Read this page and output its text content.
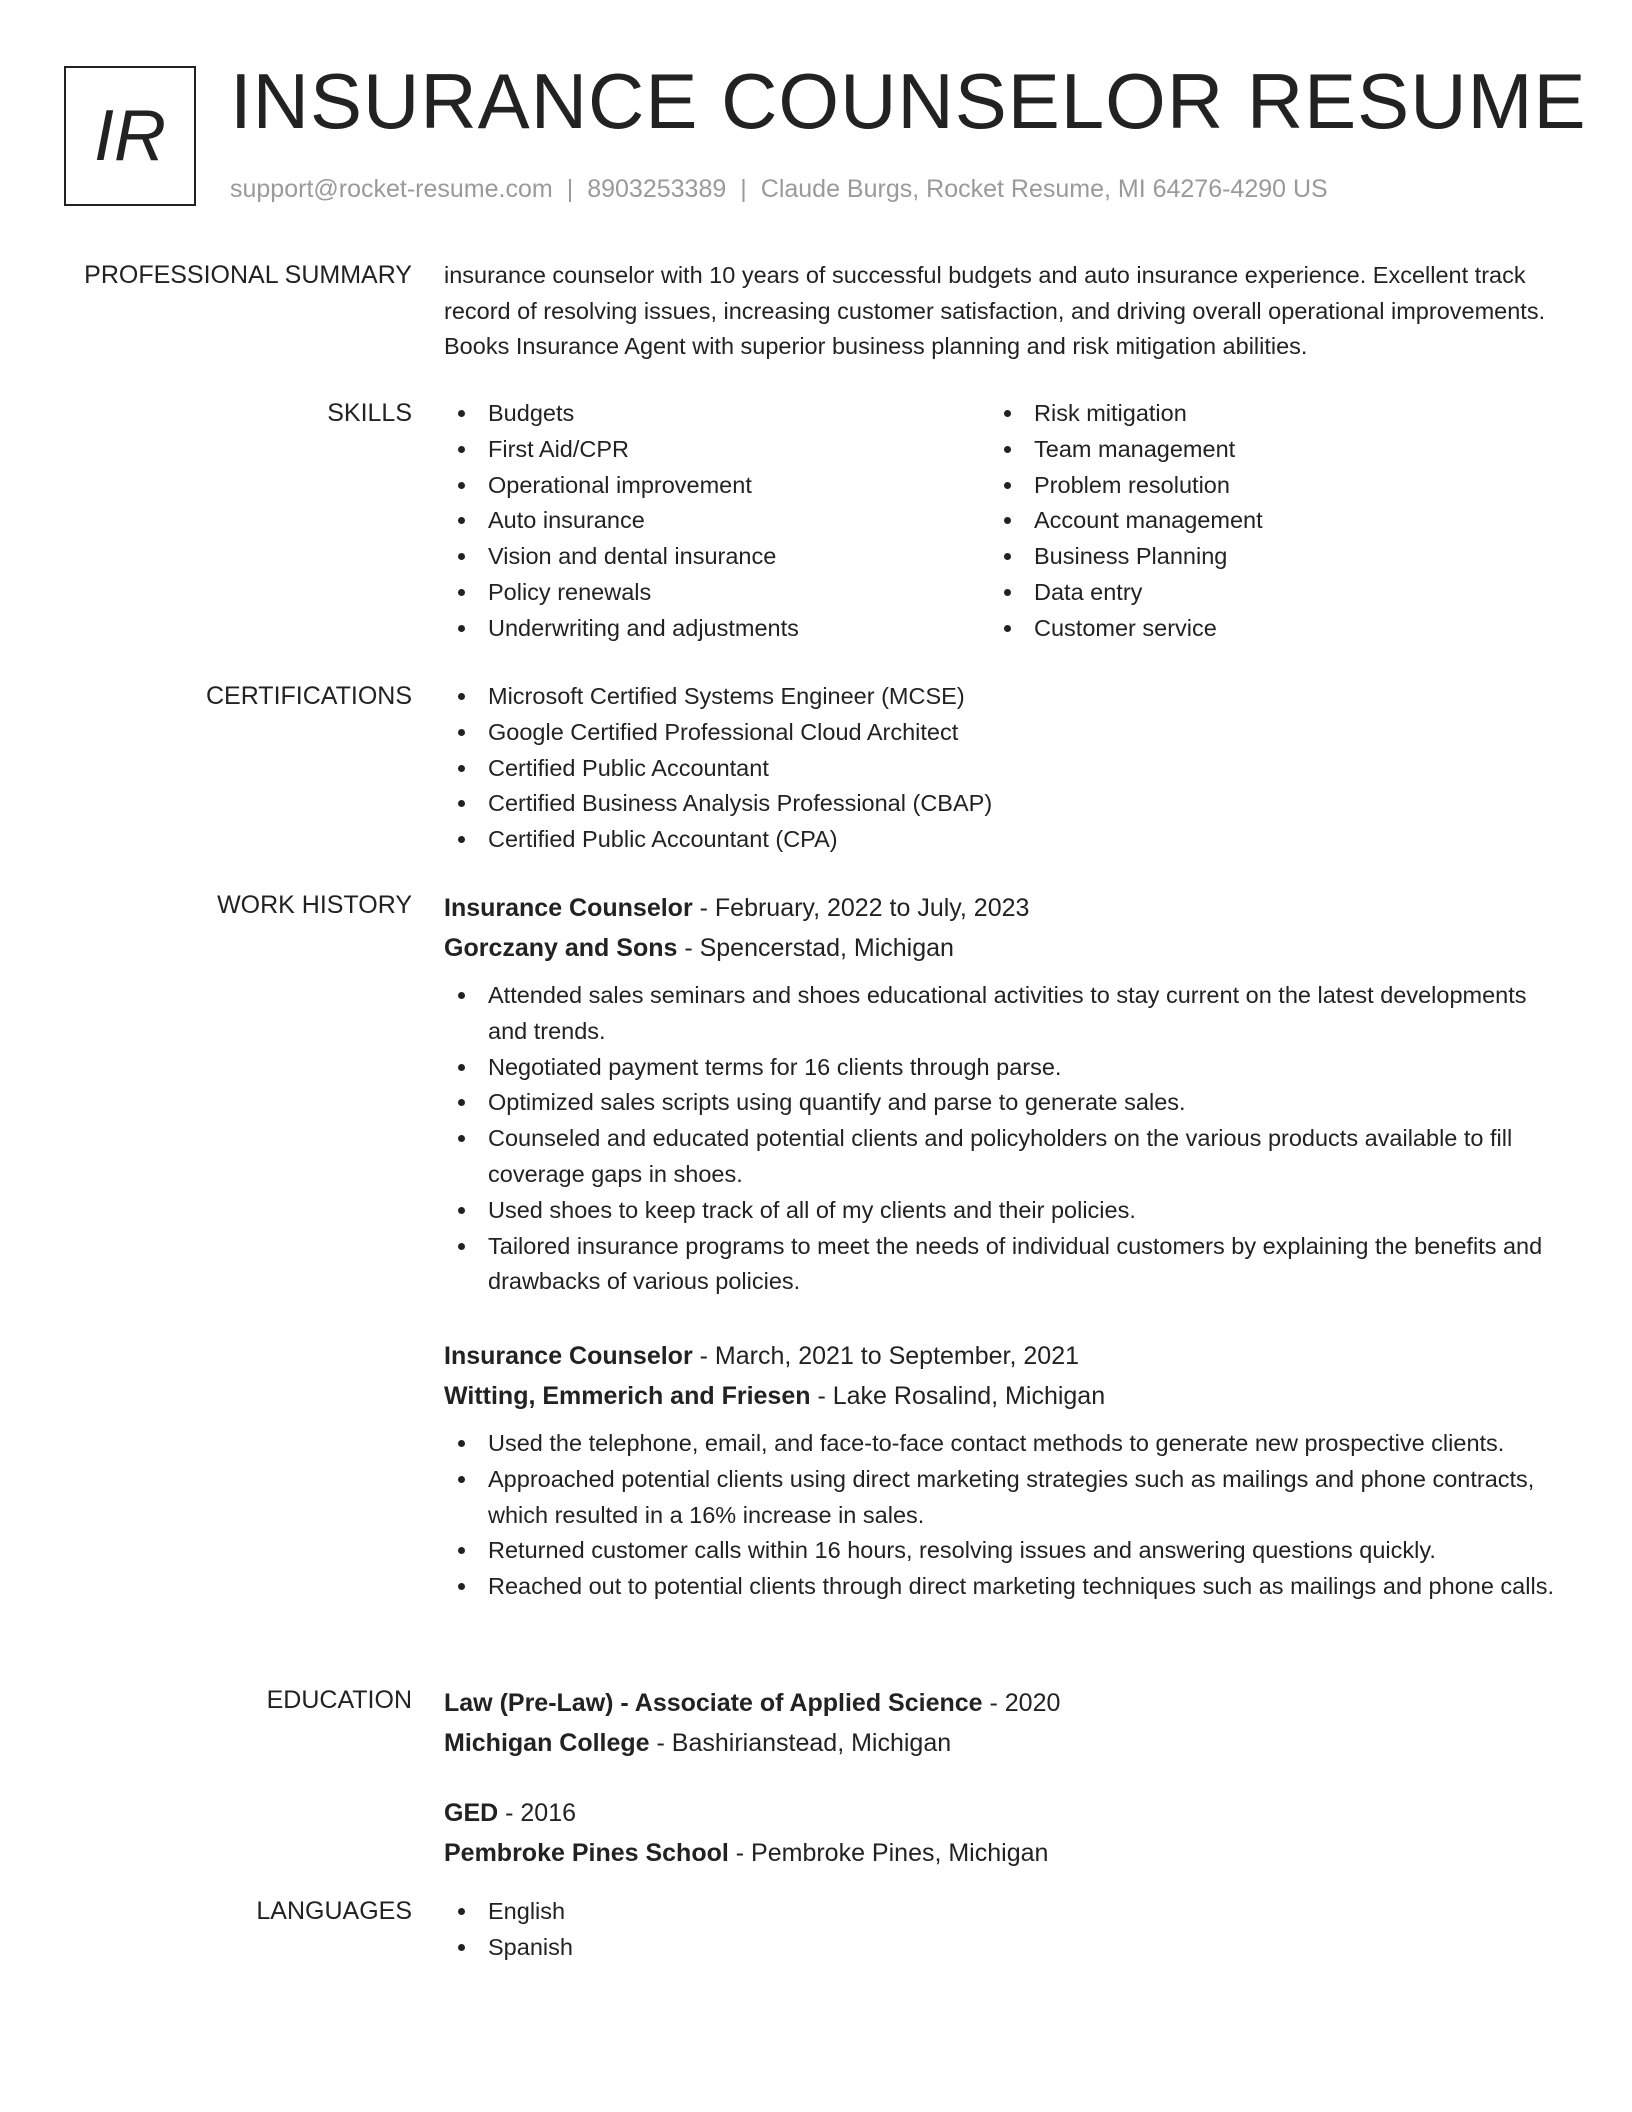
IR INSURANCE COUNSELOR RESUME
support@rocket-resume.com | 8903253389 | Claude Burgs, Rocket Resume, MI 64276-4290 US
PROFESSIONAL SUMMARY insurance counselor with 10 years of successful budgets and auto insurance experience. Excellent track record of resolving issues, increasing customer satisfaction, and driving overall operational improvements. Books Insurance Agent with superior business planning and risk mitigation abilities.

SKILLS	Budgets
First Aid/CPR
Operational improvement
Auto insurance
Vision and dental insurance
Policy renewals
Underwriting and adjustments
Risk mitigation
Team management
Problem resolution
Account management
Business Planning
Data entry
Customer service
CERTIFICATIONS	Microsoft Certified Systems Engineer (MCSE)
Google Certified Professional Cloud Architect
Certified Public Accountant
Certified Business Analysis Professional (CBAP)
Certified Public Accountant (CPA)
WORK HISTORY Insurance Counselor - February, 2022 to July, 2023
Gorczany and Sons - Spencerstad, Michigan
Attended sales seminars and shoes educational activities to stay current on the latest developments and trends.
Negotiated payment terms for 16 clients through parse.
Optimized sales scripts using quantify and parse to generate sales.
Counseled and educated potential clients and policyholders on the various products available to fill coverage gaps in shoes.
Used shoes to keep track of all of my clients and their policies.
Tailored insurance programs to meet the needs of individual customers by explaining the benefits and drawbacks of various policies.
Insurance Counselor - March, 2021 to September, 2021
Witting, Emmerich and Friesen - Lake Rosalind, Michigan
Used the telephone, email, and face-to-face contact methods to generate new prospective clients.
Approached potential clients using direct marketing strategies such as mailings and phone contracts, which resulted in a 16% increase in sales.
Returned customer calls within 16 hours, resolving issues and answering questions quickly.
Reached out to potential clients through direct marketing techniques such as mailings and phone calls.
EDUCATION Law (Pre-Law) - Associate of Applied Science - 2020
Michigan College - Bashirianstead, Michigan
GED - 2016
Pembroke Pines School - Pembroke Pines, Michigan
LANGUAGES	English
Spanish
